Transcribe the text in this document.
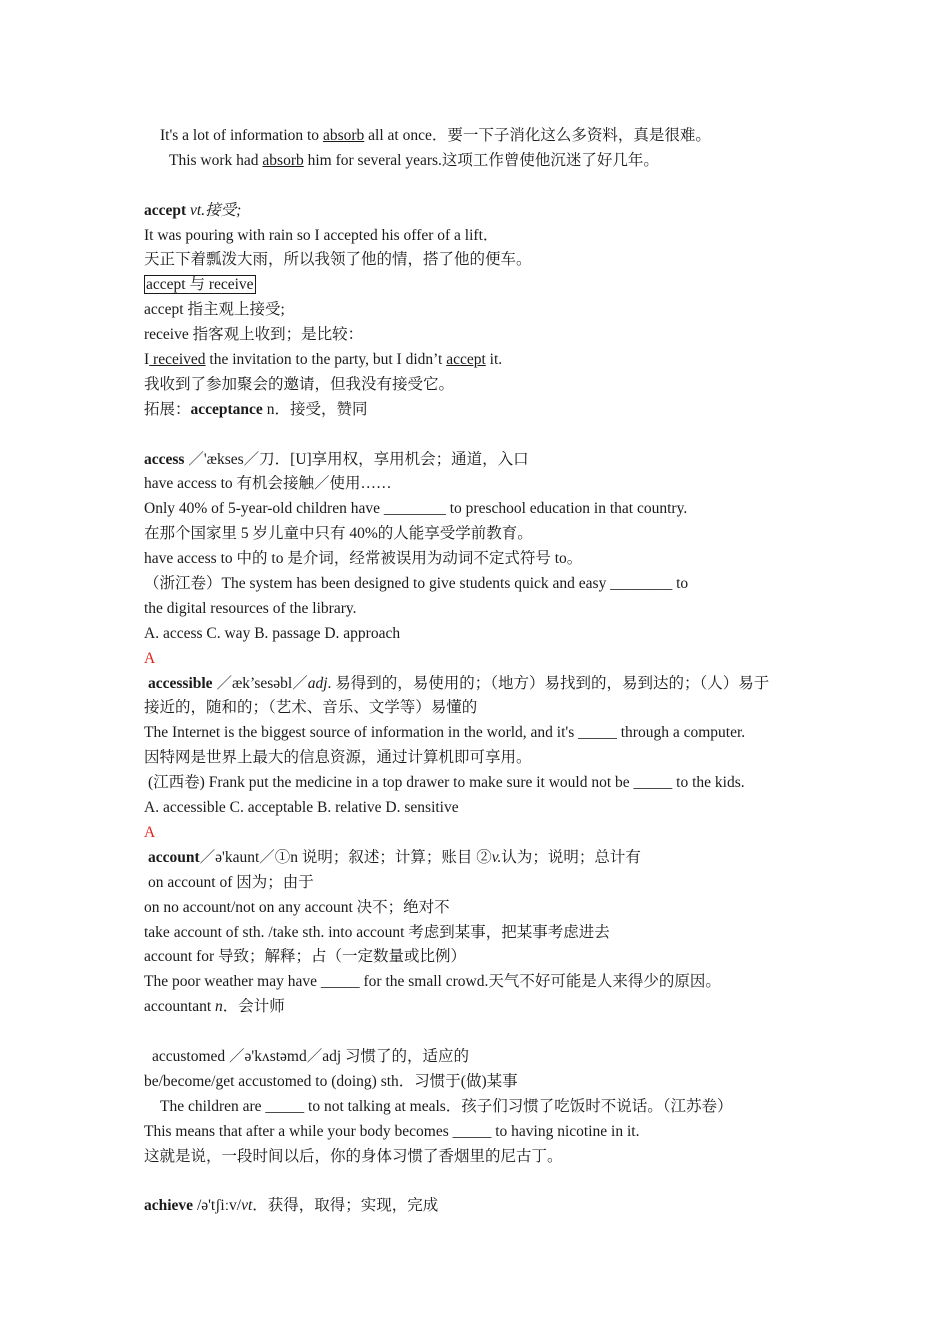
It's a lot of information to absorb all at once．要一下子消化这么多资料，真是很难。
This work had absorb him for several years.这项工作曾使他沉迷了好几年。
accept vt.接受;
It was pouring with rain so I accepted his offer of a lift．
天正下着瓢泼大雨，所以我领了他的情，搭了他的便车。
accept 与 receive
accept 指主观上接受;
receive 指客观上收到；是比较：
I received the invitation to the party, but I didn’t accept it.
我收到了参加聚会的邀请，但我没有接受它。
拓展：acceptance n．接受，赞同
access ／'ækses／刀．[U]享用权，享用机会；通道，入口
have access to 有机会接触／使用……
Only 40% of 5-year-old children have ________ to preschool education in that country.
在那个国家里 5 岁儿童中只有 40%的人能享受学前教育。
have access to 中的 to 是介词，经常被误用为动词不定式符号 to。
（浙江卷）The system has been designed to give students quick and easy ________ to
the digital resources of the library.
A. access C. way B. passage D. approach
A
accessible ／æk’sesəbl／adj. 易得到的，易使用的；（地方）易找到的，易到达的；（人）易于
接近的，随和的；（艺术、音乐、文学等）易懂的
The Internet is the biggest source of information in the world, and it's _____ through a computer.
因特网是世界上最大的信息资源，通过计算机即可享用。
(江西卷) Frank put the medicine in a top drawer to make sure it would not be _____ to the kids.
A. accessible C. acceptable B. relative D. sensitive
A
account／ə'kaunt／①n 说明；叙述；计算；账目 ②v.认为；说明；总计有
on account of 因为；由于
on no account/not on any account 决不；绝对不
take account of sth. /take sth. into account 考虑到某事，把某事考虑进去
account for 导致；解释；占（一定数量或比例）
The poor weather may have _____ for the small crowd.天气不好可能是人来得少的原因。
accountant n．会计师
accustomed ／ə'kʌstəmd／adj 习惯了的，适应的
be/become/get accustomed to (doing) sth．习惯于(做)某事
The children are _____ to not talking at meals．孩子们习惯了吃饭时不说话。（江苏卷）
This means that after a while your body becomes _____ to having nicotine in it.
这就是说，一段时间以后，你的身体习惯了香烟里的尼古丁。
achieve /ə'tʃiːv/vt．获得，取得；实现，完成
